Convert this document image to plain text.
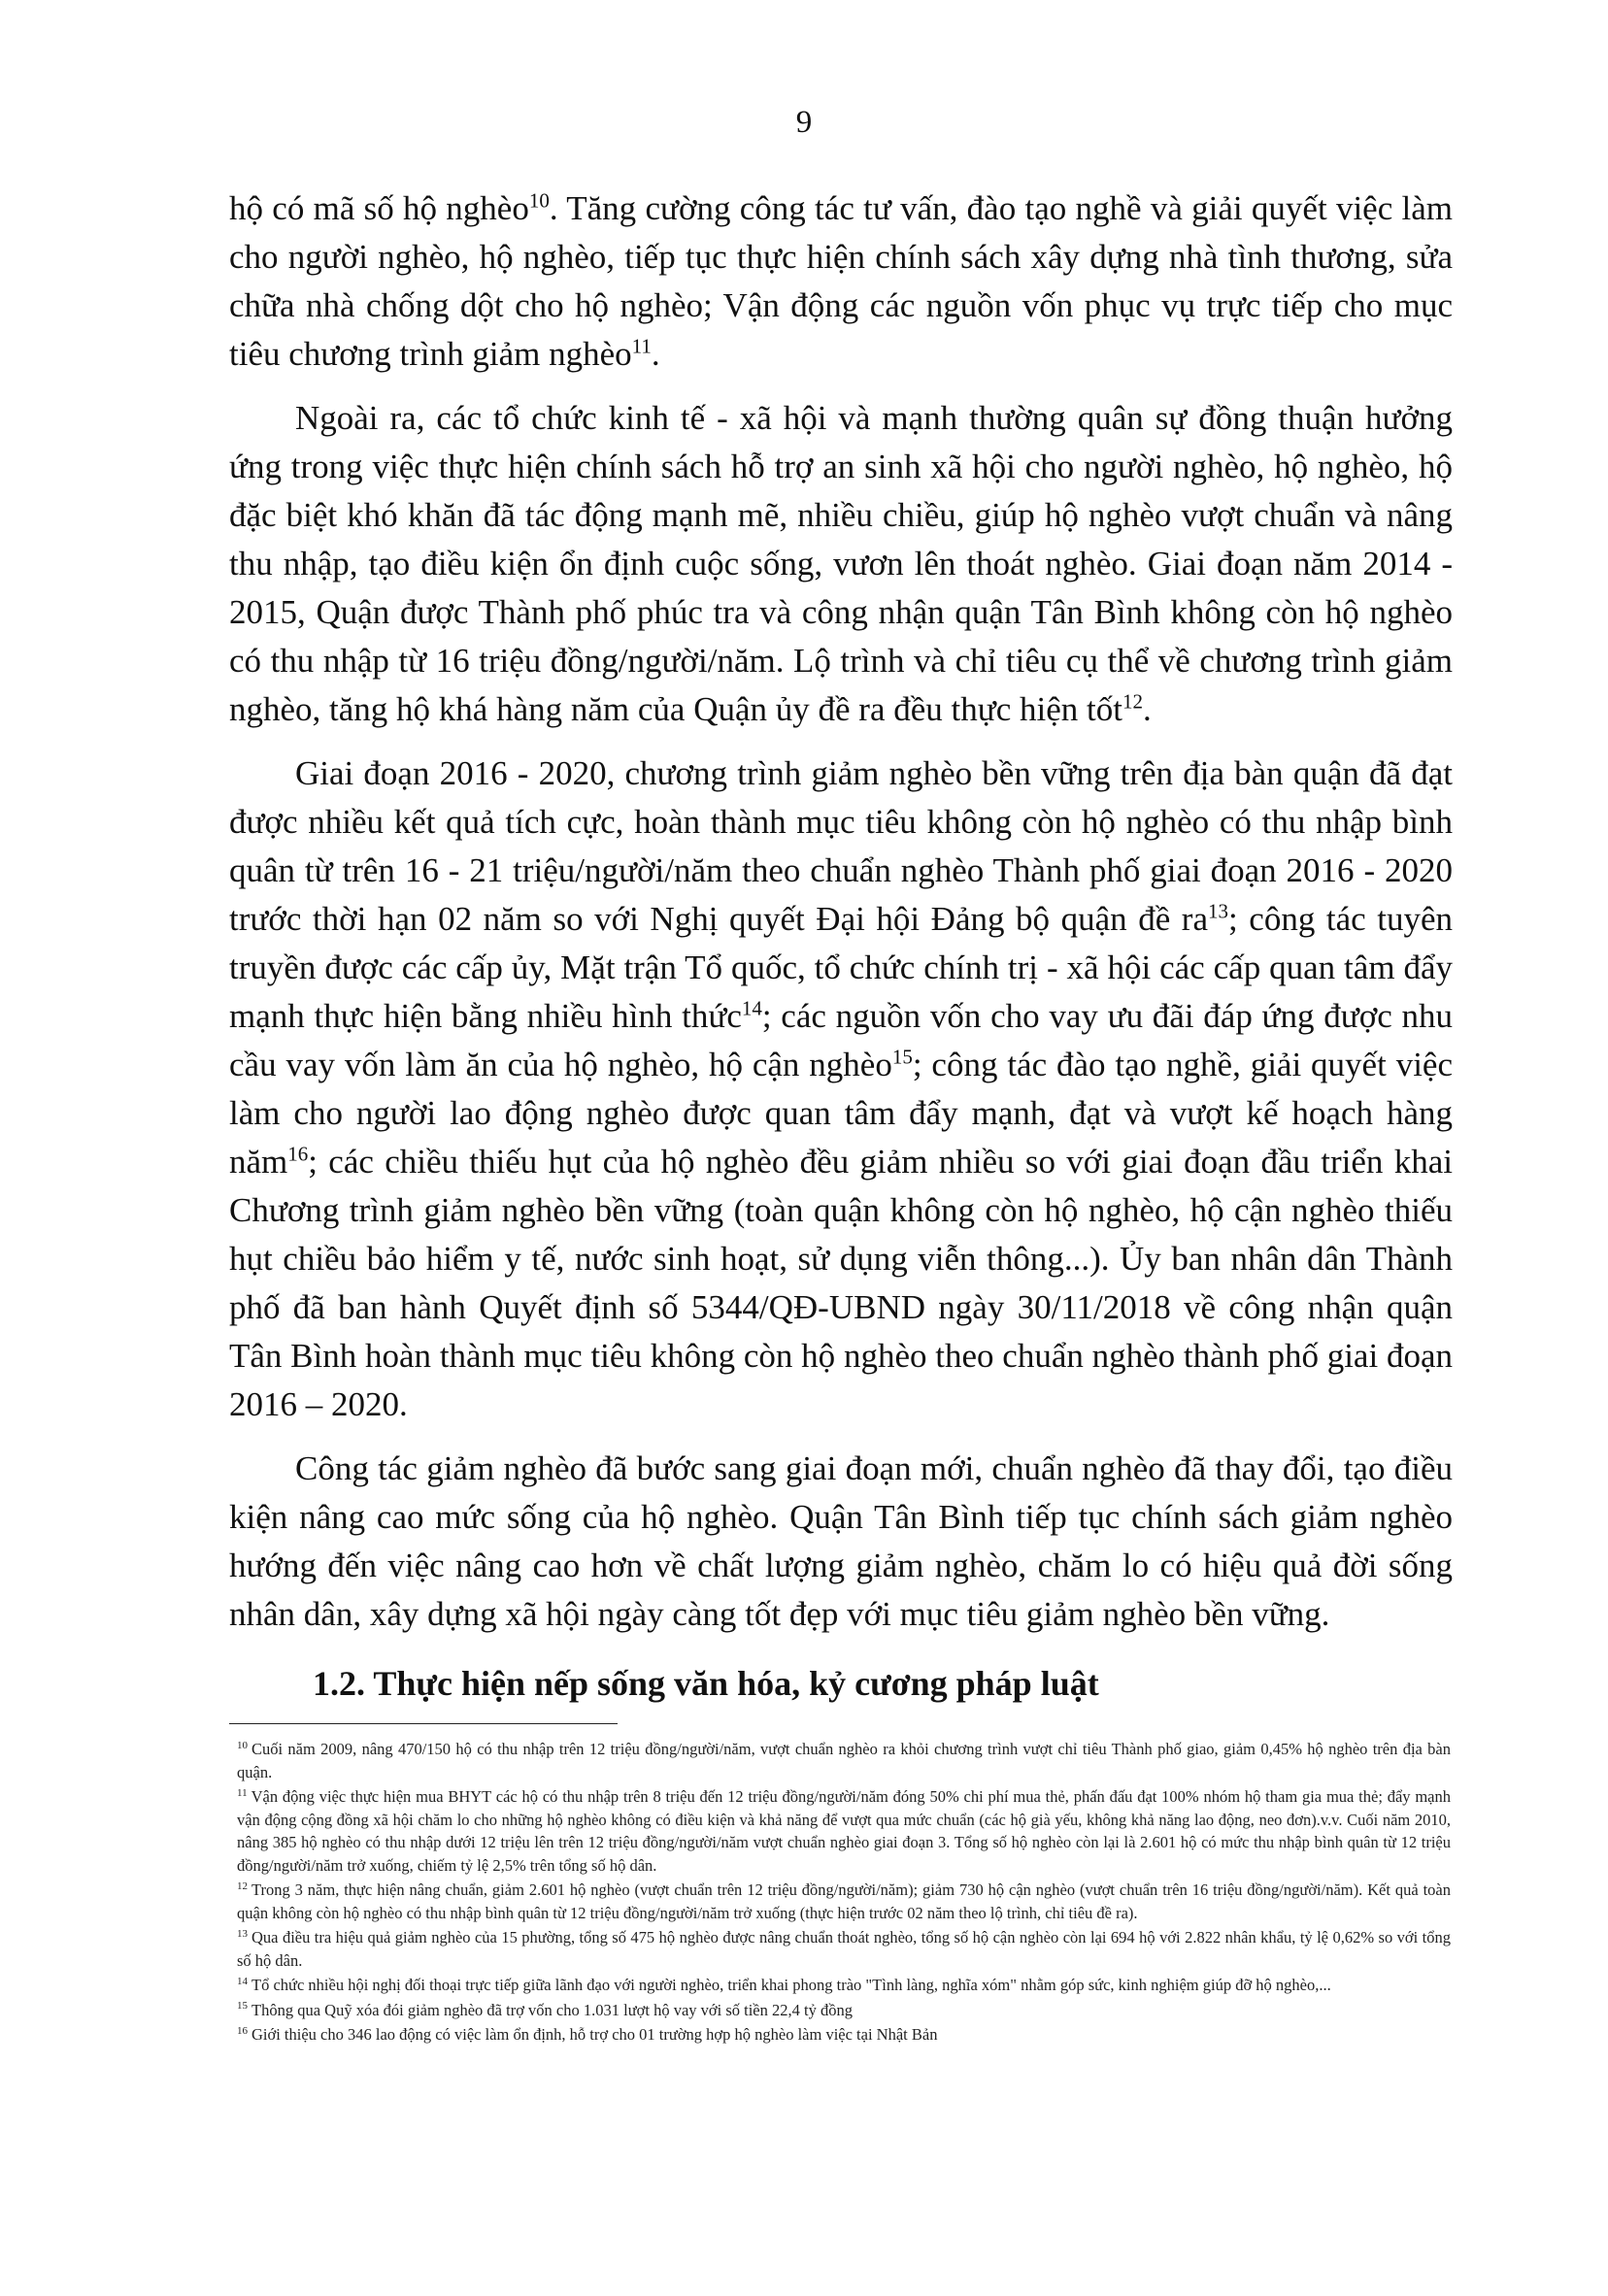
9

hộ có mã số hộ nghèo$^{10}$. Tăng cường công tác tư vấn, đào tạo nghề và giải quyết việc làm cho người nghèo, hộ nghèo, tiếp tục thực hiện chính sách xây dựng nhà tình thương, sửa chữa nhà chống dột cho hộ nghèo; Vận động các nguồn vốn phục vụ trực tiếp cho mục tiêu chương trình giảm nghèo$^{11}$.

Ngoài ra, các tổ chức kinh tế - xã hội và mạnh thường quân sự đồng thuận hưởng ứng trong việc thực hiện chính sách hỗ trợ an sinh xã hội cho người nghèo, hộ nghèo, hộ đặc biệt khó khăn đã tác động mạnh mẽ, nhiều chiều, giúp hộ nghèo vượt chuẩn và nâng thu nhập, tạo điều kiện ổn định cuộc sống, vươn lên thoát nghèo. Giai đoạn năm 2014 - 2015, Quận được Thành phố phúc tra và công nhận quận Tân Bình không còn hộ nghèo có thu nhập từ 16 triệu đồng/người/năm. Lộ trình và chỉ tiêu cụ thể về chương trình giảm nghèo, tăng hộ khá hàng năm của Quận ủy đề ra đều thực hiện tốt$^{12}$.

Giai đoạn 2016 - 2020, chương trình giảm nghèo bền vững trên địa bàn quận đã đạt được nhiều kết quả tích cực, hoàn thành mục tiêu không còn hộ nghèo có thu nhập bình quân từ trên 16 - 21 triệu/người/năm theo chuẩn nghèo Thành phố giai đoạn 2016 - 2020 trước thời hạn 02 năm so với Nghị quyết Đại hội Đảng bộ quận đề $ra^{13}$; công tác tuyên truyền được các cấp ủy, Mặt trận Tổ quốc, tổ chức chính trị - xã hội các cấp quan tâm đẩy mạnh thực hiện bằng nhiều hình thức$^{14}$; các nguồn vốn cho vay ưu đãi đáp ứng được nhu cầu vay vốn làm ăn của hộ nghèo, hộ cận nghèo$^{15}$; công tác đào tạo nghề, giải quyết việc làm cho người lao động nghèo được quan tâm đẩy mạnh, đạt và vượt kế hoạch hàng năm$^{16}$; các chiều thiếu hụt của hộ nghèo đều giảm nhiều so với giai đoạn đầu triển khai Chương trình giảm nghèo bền vững (toàn quận không còn hộ nghèo, hộ cận nghèo thiếu hụt chiều bảo hiểm y tế, nước sinh hoạt, sử dụng viễn thông...). Ủy ban nhân dân Thành phố đã ban hành Quyết định số 5344/QĐ-UBND ngày 30/11/2018 về công nhận quận Tân Bình hoàn thành mục tiêu không còn hộ nghèo theo chuẩn nghèo thành phố giai đoạn 2016 – 2020.

Công tác giảm nghèo đã bước sang giai đoạn mới, chuẩn nghèo đã thay đổi, tạo điều kiện nâng cao mức sống của hộ nghèo. Quận Tân Bình tiếp tục chính sách giảm nghèo hướng đến việc nâng cao hơn về chất lượng giảm nghèo, chăm lo có hiệu quả đời sống nhân dân, xây dựng xã hội ngày càng tốt đẹp với mục tiêu giảm nghèo bền vững.

1.2. Thực hiện nếp sống văn hóa, kỷ cương pháp luật

$^{10}$ Cuối năm 2009, nâng 470/150 hộ có thu nhập trên 12 triệu đồng/người/năm, vượt chuẩn nghèo ra khỏi chương trình vượt chỉ tiêu Thành phố giao, giảm 0,45% hộ nghèo trên địa bàn quận.

$^{11}$ Vận động việc thực hiện mua BHYT các hộ có thu nhập trên 8 triệu đến 12 triệu đồng/người/năm đóng 50% chi phí mua thẻ, phấn đấu đạt 100% nhóm hộ tham gia mua thẻ; đẩy mạnh vận động cộng đồng xã hội chăm lo cho những hộ nghèo không có điều kiện và khả năng để vượt qua mức chuẩn (các hộ già yếu, không khả năng lao động, neo đơn).v.v. Cuối năm 2010, nâng 385 hộ nghèo có thu nhập dưới 12 triệu lên trên 12 triệu đồng/người/năm vượt chuẩn nghèo giai đoạn 3. Tổng số hộ nghèo còn lại là 2.601 hộ có mức thu nhập bình quân từ 12 triệu đồng/người/năm trở xuống, chiếm tỷ lệ 2,5% trên tổng số hộ dân.

$^{12}$ Trong 3 năm, thực hiện nâng chuẩn, giảm 2.601 hộ nghèo (vượt chuẩn trên 12 triệu đồng/người/năm); giảm 730 hộ cận nghèo (vượt chuẩn trên 16 triệu đồng/người/năm). Kết quả toàn quận không còn hộ nghèo có thu nhập bình quân từ 12 triệu đồng/người/năm trở xuống (thực hiện trước 02 năm theo lộ trình, chỉ tiêu đề ra).

$^{13}$ Qua điều tra hiệu quả giảm nghèo của 15 phường, tổng số 475 hộ nghèo được nâng chuẩn thoát nghèo, tổng số hộ cận nghèo còn lại 694 hộ với 2.822 nhân khẩu, tỷ lệ 0,62% so với tổng số hộ dân.

$^{14}$ Tổ chức nhiều hội nghị đối thoại trực tiếp giữa lãnh đạo với người nghèo, triển khai phong trào "Tình làng, nghĩa xóm" nhằm góp sức, kinh nghiệm giúp đỡ hộ nghèo,...

$^{15}$ Thông qua Quỹ xóa đói giảm nghèo đã trợ vốn cho 1.031 lượt hộ vay với số tiền 22,4 tỷ đồng

$^{16}$ Giới thiệu cho 346 lao động có việc làm ổn định, hỗ trợ cho 01 trường hợp hộ nghèo làm việc tại Nhật Bản
